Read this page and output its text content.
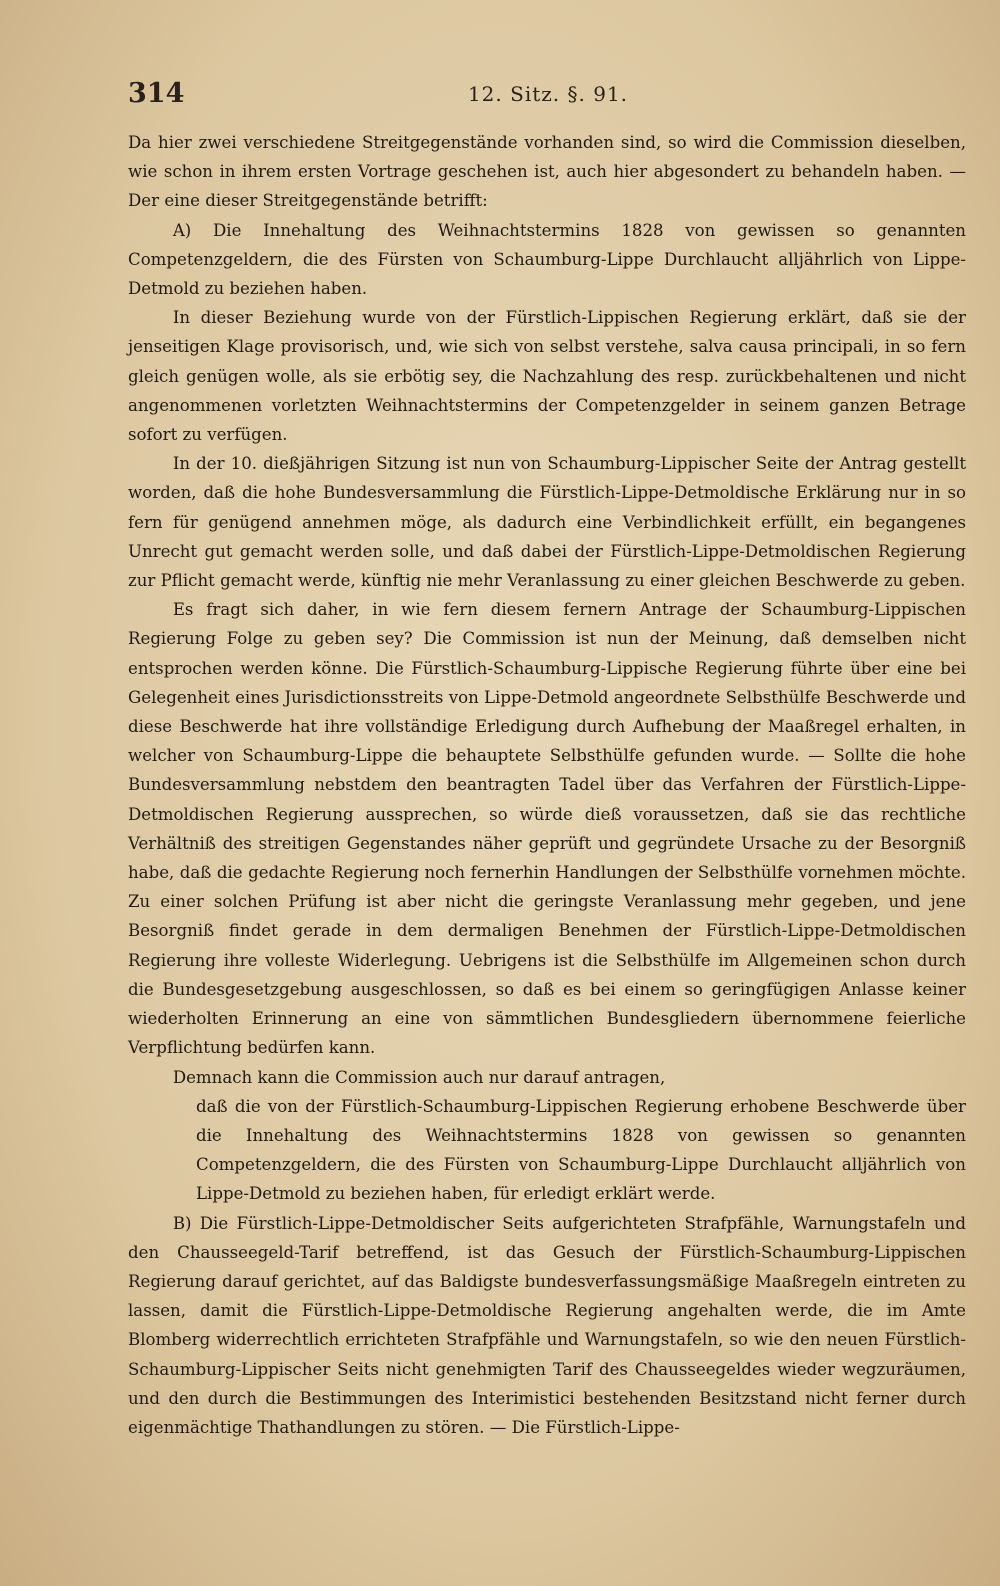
314	12. Sitz. §. 91.

Da hier zwei verschiedene Streitgegenstände vorhanden sind, so wird die Commission dieselben, wie schon in ihrem ersten Vortrage geschehen ist, auch hier abgesondert zu behandeln haben. — Der eine dieser Streitgegenstände betrifft:

A) Die Innehaltung des Weihnachtstermins 1828 von gewissen so genannten Competenzgeldern, die des Fürsten von Schaumburg-Lippe Durchlaucht alljährlich von Lippe-Detmold zu beziehen haben.

In dieser Beziehung wurde von der Fürstlich-Lippischen Regierung erklärt, daß sie der jenseitigen Klage provisorisch, und, wie sich von selbst verstehe, salva causa principali, in so fern gleich genügen wolle, als sie erbötig sey, die Nachzahlung des resp. zurückbehaltenen und nicht angenommenen vorletzten Weihnachtstermins der Competenzgelder in seinem ganzen Betrage sofort zu verfügen.

In der 10. dießjährigen Sitzung ist nun von Schaumburg-Lippischer Seite der Antrag gestellt worden, daß die hohe Bundesversammlung die Fürstlich-Lippe-Detmoldische Erklärung nur in so fern für genügend annehmen möge, als dadurch eine Verbindlichkeit erfüllt, ein begangenes Unrecht gut gemacht werden solle, und daß dabei der Fürstlich-Lippe-Detmoldischen Regierung zur Pflicht gemacht werde, künftig nie mehr Veranlassung zu einer gleichen Beschwerde zu geben.

Es fragt sich daher, in wie fern diesem fernern Antrage der Schaumburg-Lippischen Regierung Folge zu geben sey? Die Commission ist nun der Meinung, daß demselben nicht entsprochen werden könne. Die Fürstlich-Schaumburg-Lippische Regierung führte über eine bei Gelegenheit eines Jurisdictionsstreits von Lippe-Detmold angeordnete Selbsthülfe Beschwerde und diese Beschwerde hat ihre vollständige Erledigung durch Aufhebung der Maaßregel erhalten, in welcher von Schaumburg-Lippe die behauptete Selbsthülfe gefunden wurde. — Sollte die hohe Bundesversammlung nebstdem den beantragten Tadel über das Verfahren der Fürstlich-Lippe-Detmoldischen Regierung aussprechen, so würde dieß voraussetzen, daß sie das rechtliche Verhältniß des streitigen Gegenstandes näher geprüft und gegründete Ursache zu der Besorgniß habe, daß die gedachte Regierung noch fernerhin Handlungen der Selbsthülfe vornehmen möchte. Zu einer solchen Prüfung ist aber nicht die geringste Veranlassung mehr gegeben, und jene Besorgniß findet gerade in dem dermaligen Benehmen der Fürstlich-Lippe-Detmoldischen Regierung ihre volleste Widerlegung. Uebrigens ist die Selbsthülfe im Allgemeinen schon durch die Bundesgesetzgebung ausgeschlossen, so daß es bei einem so geringfügigen Anlasse keiner wiederholten Erinnerung an eine von sämmtlichen Bundesgliedern übernommene feierliche Verpflichtung bedürfen kann.

Demnach kann die Commission auch nur darauf antragen,

daß die von der Fürstlich-Schaumburg-Lippischen Regierung erhobene Beschwerde über die Innehaltung des Weihnachtstermins 1828 von gewissen so genannten Competenzgeldern, die des Fürsten von Schaumburg-Lippe Durchlaucht alljährlich von Lippe-Detmold zu beziehen haben, für erledigt erklärt werde.

B) Die Fürstlich-Lippe-Detmoldischer Seits aufgerichteten Strafpfähle, Warnungstafeln und den Chausseegeld-Tarif betreffend, ist das Gesuch der Fürstlich-Schaumburg-Lippischen Regierung darauf gerichtet, auf das Baldigste bundesverfassungsmäßige Maaßregeln eintreten zu lassen, damit die Fürstlich-Lippe-Detmoldische Regierung angehalten werde, die im Amte Blomberg widerrechtlich errichteten Strafpfähle und Warnungstafeln, so wie den neuen Fürstlich-Schaumburg-Lippischer Seits nicht genehmigten Tarif des Chausseegeldes wieder wegzuräumen, und den durch die Bestimmungen des Interimistici bestehenden Besitzstand nicht ferner durch eigenmächtige Thathandlungen zu stören. — Die Fürstlich-Lippe-
